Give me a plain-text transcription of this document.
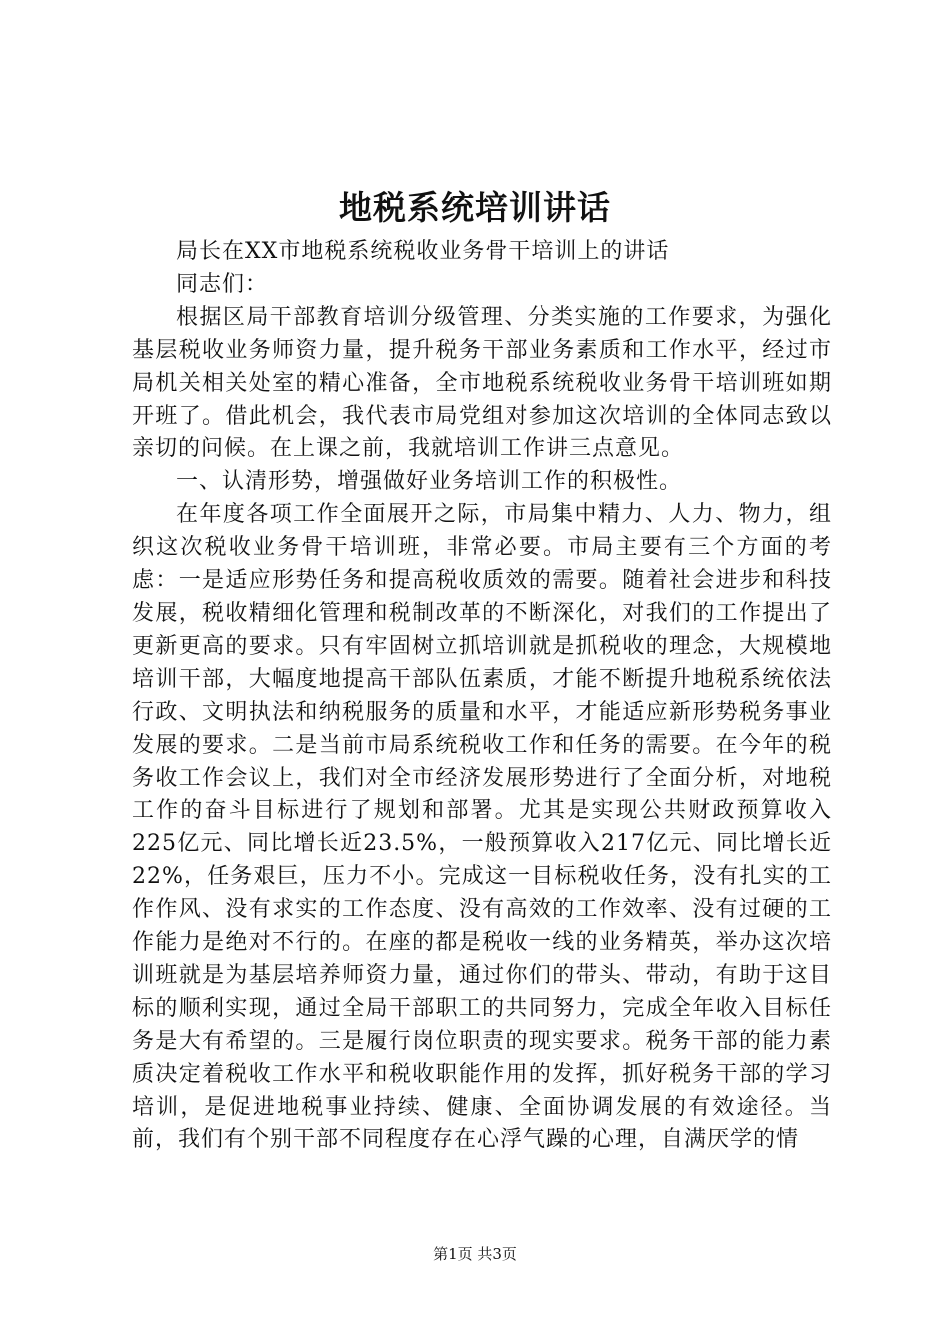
地税系统培训讲话

局长在XX市地税系统税收业务骨干培训上的讲话

同志们：

根据区局干部教育培训分级管理、分类实施的工作要求，为强化基层税收业务师资力量，提升税务干部业务素质和工作水平，经过市局机关相关处室的精心准备，全市地税系统税收业务骨干培训班如期开班了。借此机会，我代表市局党组对参加这次培训的全体同志致以亲切的问候。在上课之前，我就培训工作讲三点意见。

一、认清形势，增强做好业务培训工作的积极性。

在年度各项工作全面展开之际，市局集中精力、人力、物力，组织这次税收业务骨干培训班，非常必要。市局主要有三个方面的考虑：一是适应形势任务和提高税收质效的需要。随着社会进步和科技发展，税收精细化管理和税制改革的不断深化，对我们的工作提出了更新更高的要求。只有牢固树立抓培训就是抓税收的理念，大规模地培训干部，大幅度地提高干部队伍素质，才能不断提升地税系统依法行政、文明执法和纳税服务的质量和水平，才能适应新形势税务事业发展的要求。二是当前市局系统税收工作和任务的需要。在今年的税务收工作会议上，我们对全市经济发展形势进行了全面分析，对地税工作的奋斗目标进行了规划和部署。尤其是实现公共财政预算收入225亿元、同比增长近23.5%，一般预算收入217亿元、同比增长近22%，任务艰巨，压力不小。完成这一目标税收任务，没有扎实的工作作风、没有求实的工作态度、没有高效的工作效率、没有过硬的工作能力是绝对不行的。在座的都是税收一线的业务精英，举办这次培训班就是为基层培养师资力量，通过你们的带头、带动，有助于这目标的顺利实现，通过全局干部职工的共同努力，完成全年收入目标任务是大有希望的。三是履行岗位职责的现实要求。税务干部的能力素质决定着税收工作水平和税收职能作用的发挥，抓好税务干部的学习培训，是促进地税事业持续、健康、全面协调发展的有效途径。当前，我们有个别干部不同程度存在心浮气躁的心理，自满厌学的情

第1页 共3页
